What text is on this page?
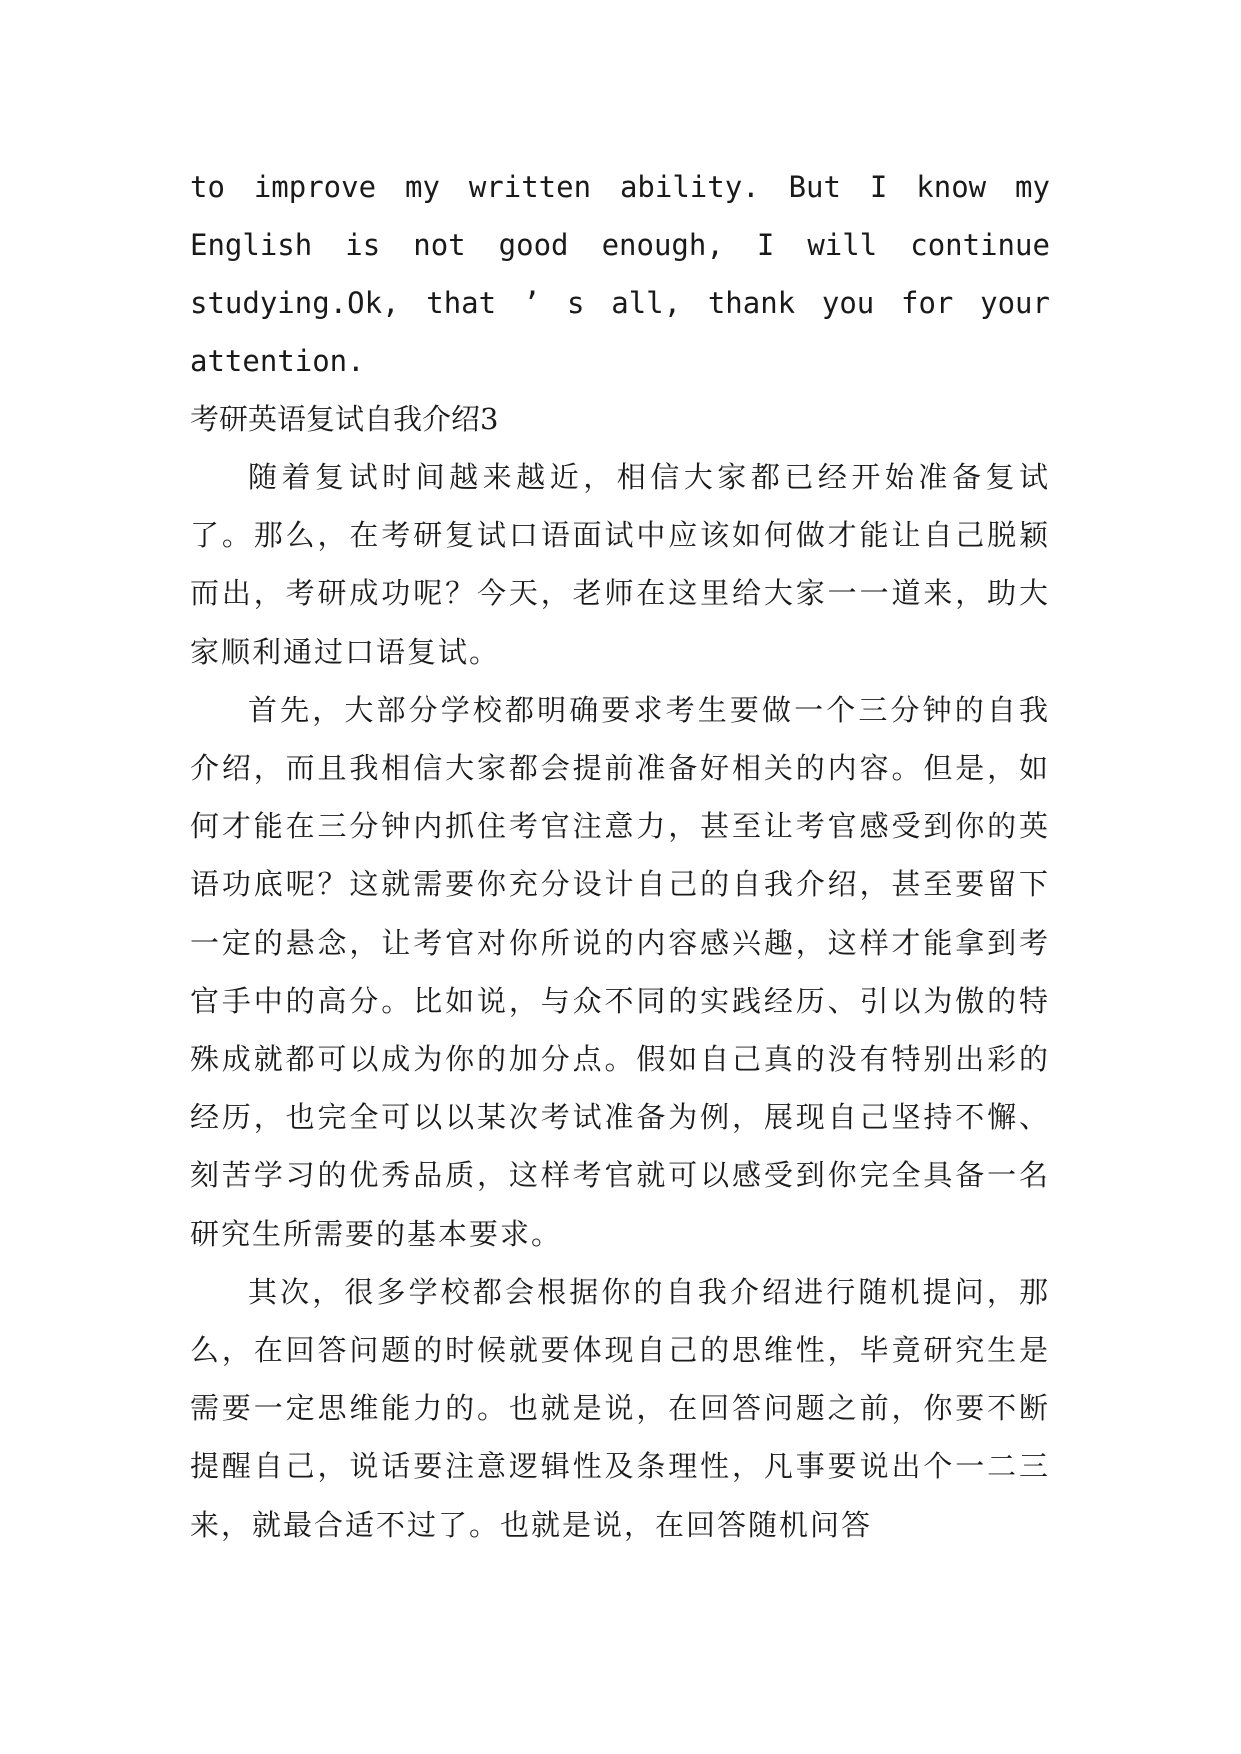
to improve my written ability. But I know my
English is not good enough, I will continue
studying.Ok, that ’ s all, thank you for your
attention.
考研英语复试自我介绍3

随着复试时间越来越近，相信大家都已经开始准备复试了。那么，在考研复试口语面试中应该如何做才能让自己脱颖而出，考研成功呢？今天，老师在这里给大家一一道来，助大家顺利通过口语复试。

首先，大部分学校都明确要求考生要做一个三分钟的自我介绍，而且我相信大家都会提前准备好相关的内容。但是，如何才能在三分钟内抓住考官注意力，甚至让考官感受到你的英语功底呢？这就需要你充分设计自己的自我介绍，甚至要留下一定的悬念，让考官对你所说的内容感兴趣，这样才能拿到考官手中的高分。比如说，与众不同的实践经历、引以为傲的特殊成就都可以成为你的加分点。假如自己真的没有特别出彩的经历，也完全可以以某次考试准备为例，展现自己坚持不懈、刻苦学习的优秀品质，这样考官就可以感受到你完全具备一名研究生所需要的基本要求。

其次，很多学校都会根据你的自我介绍进行随机提问，那么，在回答问题的时候就要体现自己的思维性，毕竟研究生是需要一定思维能力的。也就是说，在回答问题之前，你要不断提醒自己，说话要注意逻辑性及条理性，凡事要说出个一二三来，就最合适不过了。也就是说，在回答随机问答
